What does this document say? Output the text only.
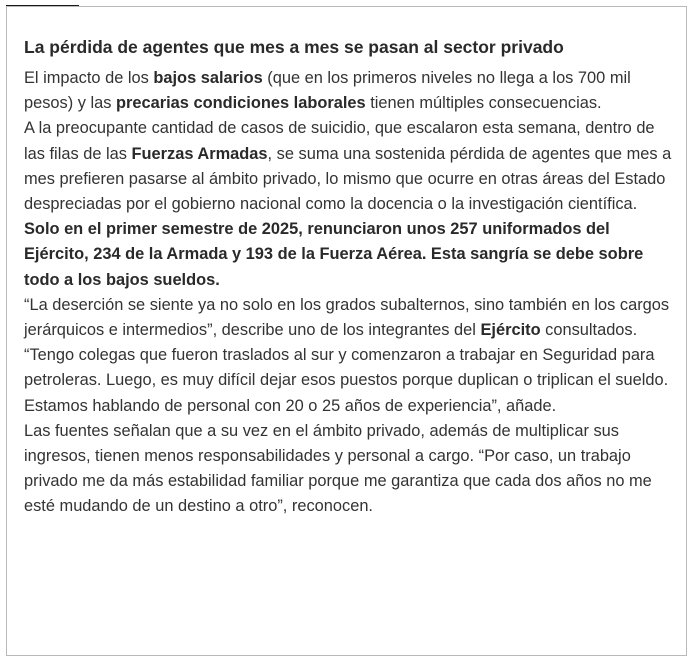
La pérdida de agentes que mes a mes se pasan al sector privado

El impacto de los bajos salarios (que en los primeros niveles no llega a los 700 mil pesos) y las precarias condiciones laborales tienen múltiples consecuencias.

A la preocupante cantidad de casos de suicidio, que escalaron esta semana, dentro de las filas de las Fuerzas Armadas, se suma una sostenida pérdida de agentes que mes a mes prefieren pasarse al ámbito privado, lo mismo que ocurre en otras áreas del Estado despreciadas por el gobierno nacional como la docencia o la investigación científica.

Solo en el primer semestre de 2025, renunciaron unos 257 uniformados del Ejército, 234 de la Armada y 193 de la Fuerza Aérea. Esta sangría se debe sobre todo a los bajos sueldos.

“La deserción se siente ya no solo en los grados subalternos, sino también en los cargos jerárquicos e intermedios”, describe uno de los integrantes del Ejército consultados.

“Tengo colegas que fueron traslados al sur y comenzaron a trabajar en Seguridad para petroleras. Luego, es muy difícil dejar esos puestos porque duplican o triplican el sueldo. Estamos hablando de personal con 20 o 25 años de experiencia”, añade.

Las fuentes señalan que a su vez en el ámbito privado, además de multiplicar sus ingresos, tienen menos responsabilidades y personal a cargo. “Por caso, un trabajo privado me da más estabilidad familiar porque me garantiza que cada dos años no me esté mudando de un destino a otro”, reconocen.
